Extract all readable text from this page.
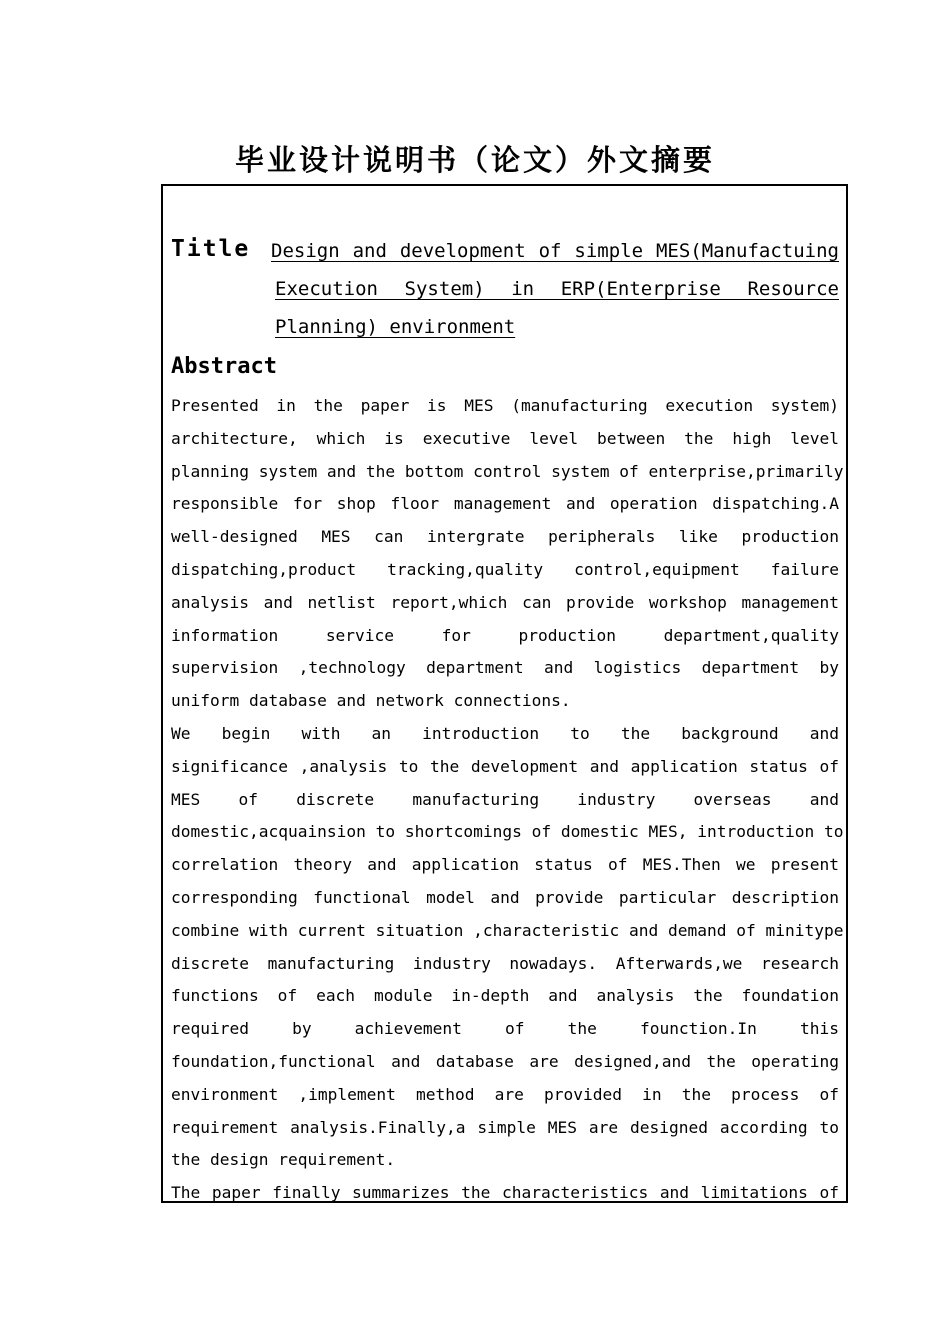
毕业设计说明书（论文）外文摘要
Title Design and development of simple MES(Manufactuing
Execution System) in ERP(Enterprise Resource
Planning) environment
Abstract

Presented in the paper is MES (manufacturing execution system)
architecture, which is executive level between the high level
planning system and the bottom control system of enterprise,primarily
responsible for shop floor management and operation dispatching.A
well-designed MES can intergrate peripherals like production
dispatching,product tracking,quality control,equipment failure
analysis and netlist report,which can provide workshop management
information service for production department,quality
supervision ,technology department and logistics department by
uniform database and network connections.

We begin with an introduction to the background and
significance ,analysis to the development and application status of
MES of discrete manufacturing industry overseas and
domestic,acquainsion to shortcomings of domestic MES, introduction to
correlation theory and application status of MES.Then we present
corresponding functional model and provide particular description
combine with current situation ,characteristic and demand of minitype
discrete manufacturing industry nowadays. Afterwards,we research
functions of each module in-depth and analysis the foundation
required by achievement of the founction.In this
foundation,functional and database are designed,and the operating
environment ,implement method are provided in the process of
requirement analysis.Finally,a simple MES are designed according to
the design requirement.

The paper finally summarizes the characteristics and limitations of
